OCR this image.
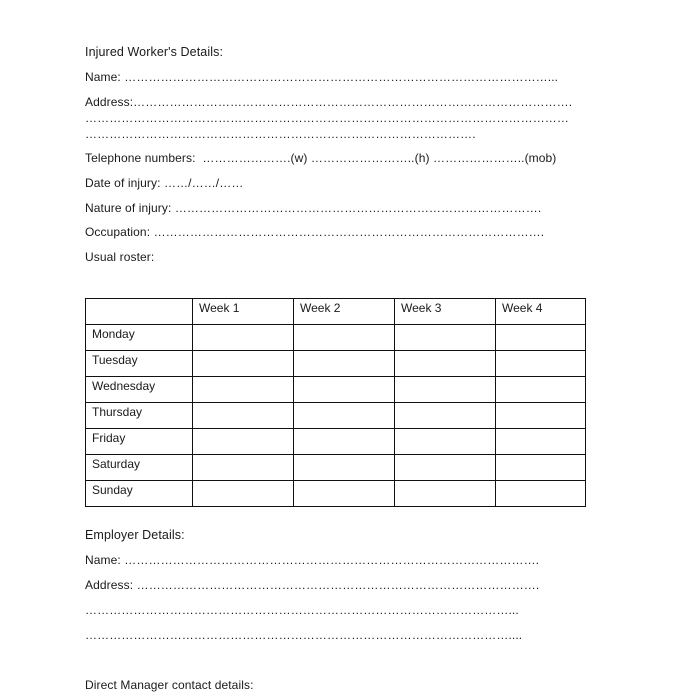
Injured Worker's Details:
Name: ……………………………………………………………………………………………...
Address:……………………………………………………………………………………………….
…………………………………………………………………………………………………………
…………………………………………………………………………………….
Telephone numbers:  ………………….(w) ……………………..(h) …………………..(mob)
Date of injury: ……/……/……
Nature of injury: ……………………………………………………………………………….
Occupation: …………………………………………………………………………………….
Usual roster:
	Week 1	Week 2	Week 3	Week 4
Monday				
Tuesday				
Wednesday				
Thursday				
Friday				
Saturday				
Sunday				
Employer Details:
Name: ………………………………………………………………………………………….
Address: ……………………………………………………………………………………….
……………………………………………………………………………………………...
……………………………………………………………………………………………....
Direct Manager contact details:
